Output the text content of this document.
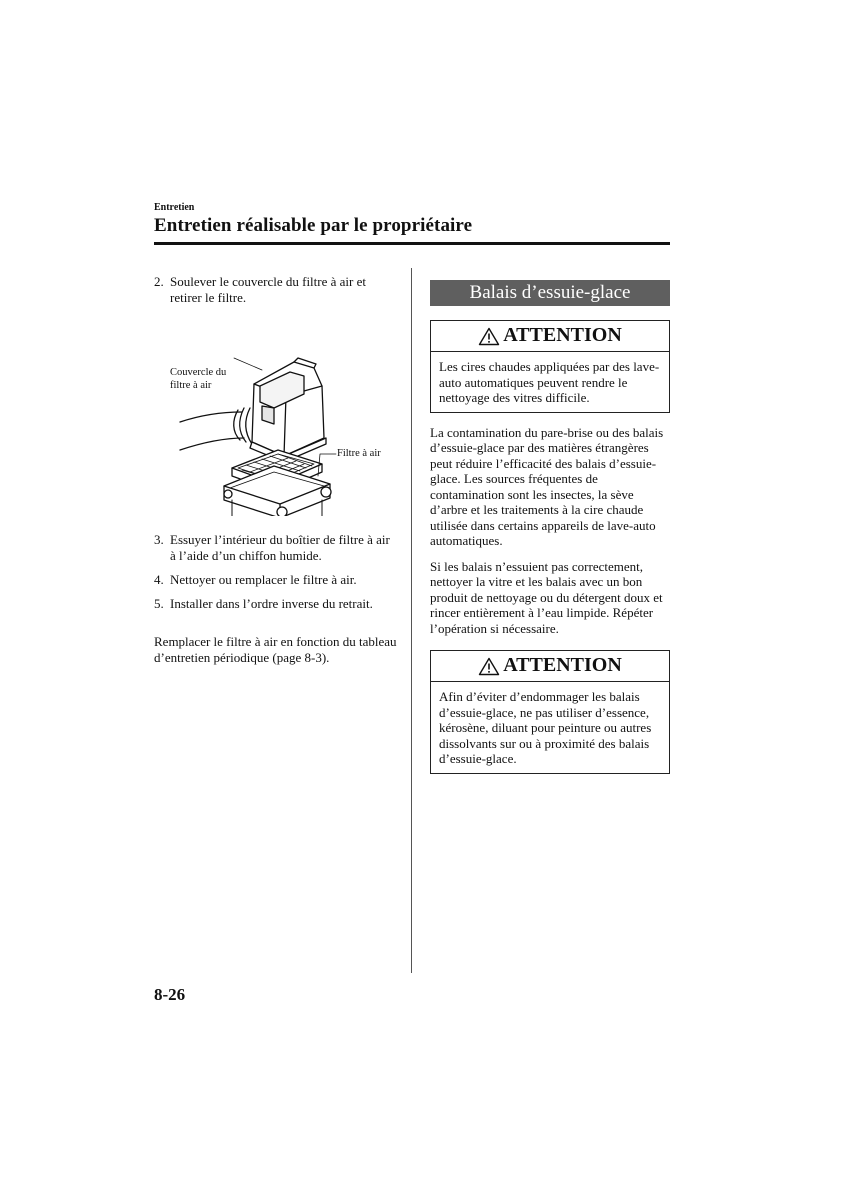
Entretien
Entretien réalisable par le propriétaire
2. Soulever le couvercle du filtre à air et retirer le filtre.
Couvercle du
filtre à air
Filtre à air
3. Essuyer l’intérieur du boîtier de filtre à air à l’aide d’un chiffon humide.
4. Nettoyer ou remplacer le filtre à air.
5. Installer dans l’ordre inverse du retrait.
Remplacer le filtre à air en fonction du tableau d’entretien périodique (page 8-3).
Balais d’essuie-glace
ATTENTION
Les cires chaudes appliquées par des lave-auto automatiques peuvent rendre le nettoyage des vitres difficile.
La contamination du pare-brise ou des balais d’essuie-glace par des matières étrangères peut réduire l’efficacité des balais d’essuie-glace. Les sources fréquentes de contamination sont les insectes, la sève d’arbre et les traitements à la cire chaude utilisée dans certains appareils de lave-auto automatiques.
Si les balais n’essuient pas correctement, nettoyer la vitre et les balais avec un bon produit de nettoyage ou du détergent doux et rincer entièrement à l’eau limpide. Répéter l’opération si nécessaire.
ATTENTION
Afin d’éviter d’endommager les balais d’essuie-glace, ne pas utiliser d’essence, kérosène, diluant pour peinture ou autres dissolvants sur ou à proximité des balais d’essuie-glace.
8-26
